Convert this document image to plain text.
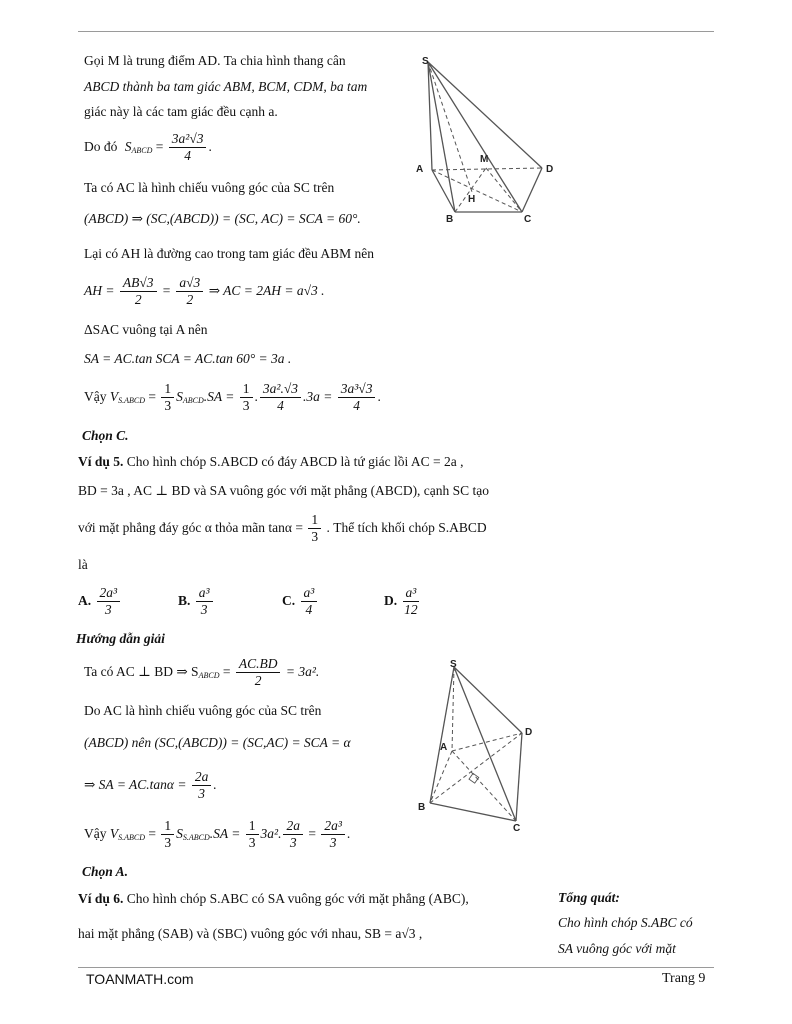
Gọi M là trung điểm AD. Ta chia hình thang cân
ABCD thành ba tam giác ABM, BCM, CDM, ba tam
giác này là các tam giác đều cạnh a.
Do đó $S_{ABCD} = \frac{\text{3a²√3}}{4}$ .
Ta có AC là hình chiếu vuông góc của SC trên
(ABCD) ⇒ (SC,(ABCD)) = (SC, AC) = SCA = 60°.
Lại có AH là đường cao trong tam giác đều ABM nên
AH = $\frac{AB√3}{2} = \frac{a√3}{2}$ ⇒ AC = 2AH = a√3 .
ΔSAC vuông tại A nên
SA = AC.tan SCA = AC.tan 60° = 3a .
Vậy $V_{S.ABCD} = \frac{1}{3} S_{ABCD}.SA = \frac{1}{3}$ . $\frac{\text{3a².√3}}{4} .3a = \frac{\text{3a³√3}}{4}$ .
Chọn C.
S
A
M
D
H
B	C
Ví dụ 5. Cho hình chóp S.ABCD có đáy ABCD là tứ giác lồi AC = 2a ,
BD = 3a , AC ⊥ BD và SA vuông góc với mặt phẳng (ABCD), cạnh SC tạo
với mặt phẳng đáy góc α thỏa mãn $\tan\alpha = \frac{1}{3}$ . Thể tích khối chóp S.ABCD
là
A. $\frac{\text{2a³}}{3}$	B. $\frac{\text{a³}}{3}$	C. $\frac{\text{a³}}{4}$	D. $\frac{\text{a³}}{12}$
Hướng dẫn giải
Ta có AC ⊥ BD ⇒ $S_{ABCD} = \frac{AC.BD}{2} = 3a^2$.
Do AC là hình chiếu vuông góc của SC trên
(ABCD) nên (SC,(ABCD)) = (SC,AC) = SCA = α
⇒ SA = $AC.\tan\alpha = \frac{2a}{3}$ .
Vậy $V_{S.ABCD} = \frac{1}{3} S_{S.ABCD}.SA = \frac{1}{3} 3a^2$. $\frac{2a}{3} = \frac{\text{2a³}}{3}$ .
Chọn A.
S
A
D
B
C
Ví dụ 6. Cho hình chóp S.ABC có SA vuông góc với mặt phẳng (ABC),
hai mặt phẳng (SAB) và (SBC) vuông góc với nhau, SB = a√3 ,
Tổng quát:
Cho hình chóp S.ABC có
SA vuông góc với mặt
TOANMATH.com	Trang 9
